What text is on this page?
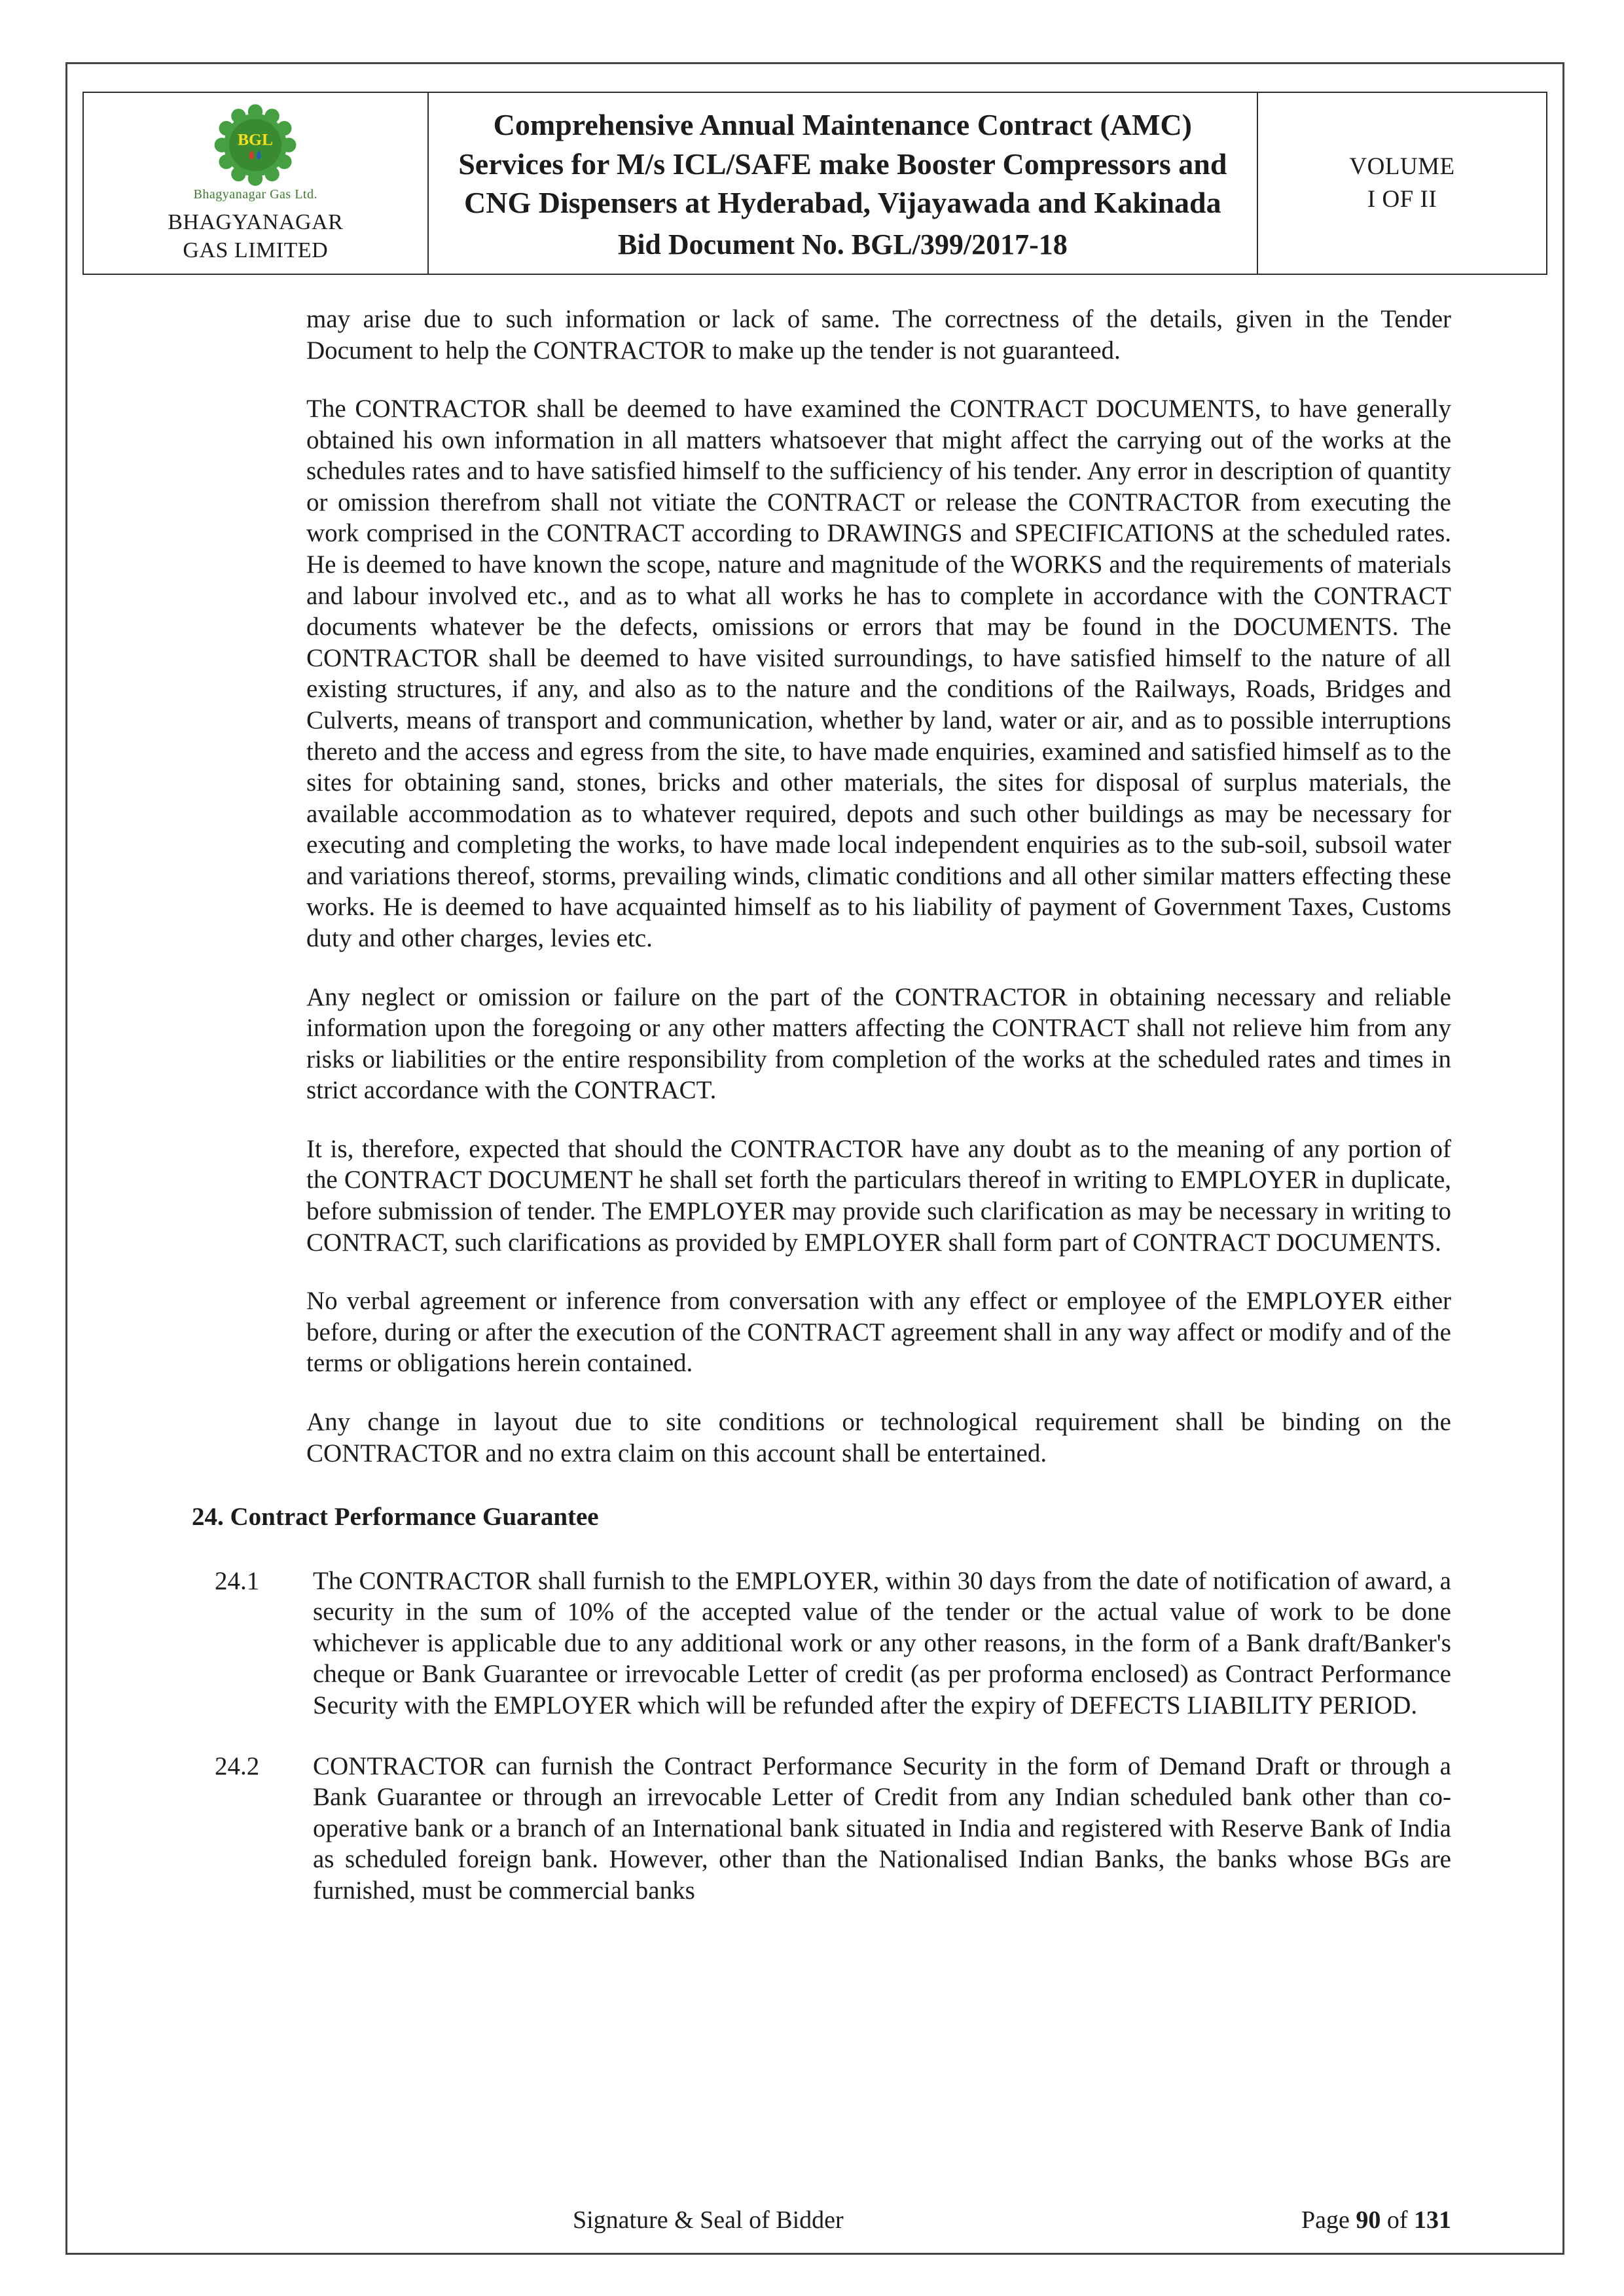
BGL
Bhagyanagar Gas Ltd.
BHAGYANAGAR
GAS LIMITED

Comprehensive Annual Maintenance Contract (AMC) Services for M/s ICL/SAFE make Booster Compressors and CNG Dispensers at Hyderabad, Vijayawada and Kakinada
Bid Document No. BGL/399/2017-18

VOLUME
I OF II

may arise due to such information or lack of same. The correctness of the details, given in the Tender Document to help the CONTRACTOR to make up the tender is not guaranteed.

The CONTRACTOR shall be deemed to have examined the CONTRACT DOCUMENTS, to have generally obtained his own information in all matters whatsoever that might affect the carrying out of the works at the schedules rates and to have satisfied himself to the sufficiency of his tender. Any error in description of quantity or omission therefrom shall not vitiate the CONTRACT or release the CONTRACTOR from executing the work comprised in the CONTRACT according to DRAWINGS and SPECIFICATIONS at the scheduled rates. He is deemed to have known the scope, nature and magnitude of the WORKS and the requirements of materials and labour involved etc., and as to what all works he has to complete in accordance with the CONTRACT documents whatever be the defects, omissions or errors that may be found in the DOCUMENTS. The CONTRACTOR shall be deemed to have visited surroundings, to have satisfied himself to the nature of all existing structures, if any, and also as to the nature and the conditions of the Railways, Roads, Bridges and Culverts, means of transport and communication, whether by land, water or air, and as to possible interruptions thereto and the access and egress from the site, to have made enquiries, examined and satisfied himself as to the sites for obtaining sand, stones, bricks and other materials, the sites for disposal of surplus materials, the available accommodation as to whatever required, depots and such other buildings as may be necessary for executing and completing the works, to have made local independent enquiries as to the sub-soil, subsoil water and variations thereof, storms, prevailing winds, climatic conditions and all other similar matters effecting these works. He is deemed to have acquainted himself as to his liability of payment of Government Taxes, Customs duty and other charges, levies etc.

Any neglect or omission or failure on the part of the CONTRACTOR in obtaining necessary and reliable information upon the foregoing or any other matters affecting the CONTRACT shall not relieve him from any risks or liabilities or the entire responsibility from completion of the works at the scheduled rates and times in strict accordance with the CONTRACT.

It is, therefore, expected that should the CONTRACTOR have any doubt as to the meaning of any portion of the CONTRACT DOCUMENT he shall set forth the particulars thereof in writing to EMPLOYER in duplicate, before submission of tender. The EMPLOYER may provide such clarification as may be necessary in writing to CONTRACT, such clarifications as provided by EMPLOYER shall form part of CONTRACT DOCUMENTS.

No verbal agreement or inference from conversation with any effect or employee of the EMPLOYER either before, during or after the execution of the CONTRACT agreement shall in any way affect or modify and of the terms or obligations herein contained.

Any change in layout due to site conditions or technological requirement shall be binding on the CONTRACTOR and no extra claim on this account shall be entertained.

24. Contract Performance Guarantee
24.1	The CONTRACTOR shall furnish to the EMPLOYER, within 30 days from the date of notification of award, a security in the sum of 10% of the accepted value of the tender or the actual value of work to be done whichever is applicable due to any additional work or any other reasons, in the form of a Bank draft/Banker's cheque or Bank Guarantee or irrevocable Letter of credit (as per proforma enclosed) as Contract Performance Security with the EMPLOYER which will be refunded after the expiry of DEFECTS LIABILITY PERIOD.
24.2	CONTRACTOR can furnish the Contract Performance Security in the form of Demand Draft or through a Bank Guarantee or through an irrevocable Letter of Credit from any Indian scheduled bank other than co-operative bank or a branch of an International bank situated in India and registered with Reserve Bank of India as scheduled foreign bank. However, other than the Nationalised Indian Banks, the banks whose BGs are furnished, must be commercial banks
Signature & Seal of Bidder	Page 90 of 131
